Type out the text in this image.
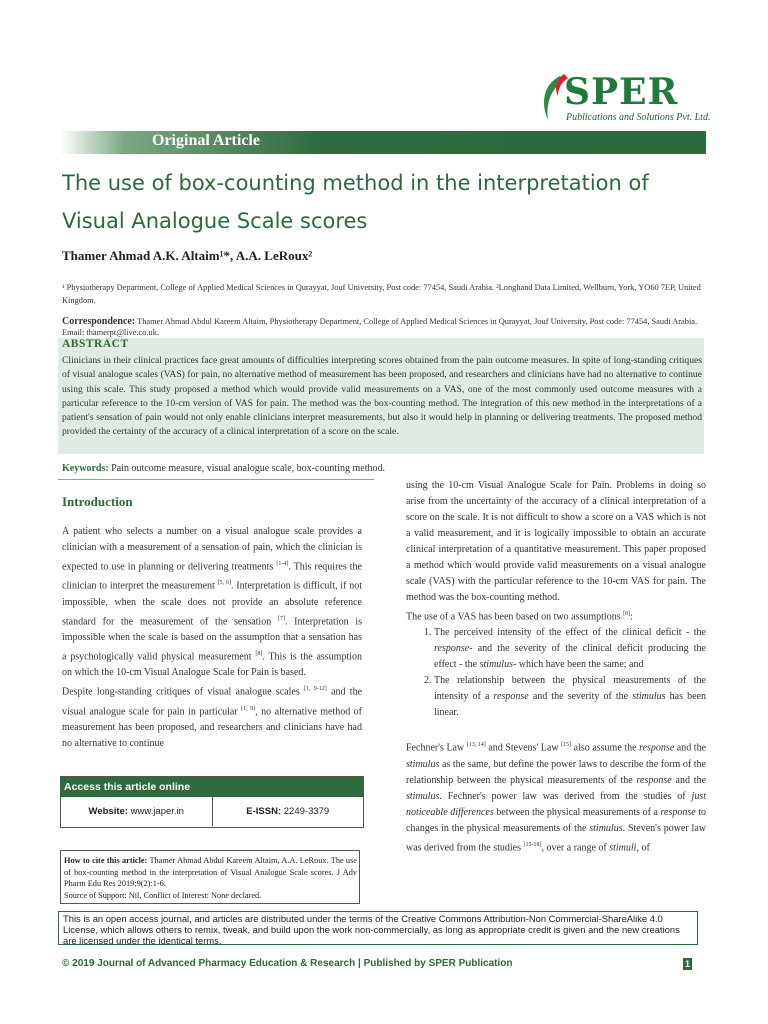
SPER
Publications and Solutions Pvt. Ltd.
Original Article
The use of box-counting method in the interpretation of Visual Analogue Scale scores
Thamer Ahmad A.K. Altaim¹*, A.A. LeRoux²
¹ Physiotherapy Department, College of Applied Medical Sciences in Qurayyat, Jouf University, Post code: 77454, Saudi Arabia. ²Longhand Data Limited, Wellburn, York, YO60 7EP, United Kingdom.
Correspondence: Thamer Ahmad Abdul Kareem Altaim, Physiotherapy Department, College of Applied Medical Sciences in Qurayyat, Jouf University, Post code: 77454, Saudi Arabia. Email: thamerpt@live.co.uk.
ABSTRACT
Clinicians in their clinical practices face great amounts of difficulties interpreting scores obtained from the pain outcome measures. In spite of long-standing critiques of visual analogue scales (VAS) for pain, no alternative method of measurement has been proposed, and researchers and clinicians have had no alternative to continue using this scale. This study proposed a method which would provide valid measurements on a VAS, one of the most commonly used outcome measures with a particular reference to the 10-cm version of VAS for pain. The method was the box-counting method. The integration of this new method in the interpretations of a patient's sensation of pain would not only enable clinicians interpret measurements, but also it would help in planning or delivering treatments. The proposed method provided the certainty of the accuracy of a clinical interpretation of a score on the scale.
Keywords: Pain outcome measure, visual analogue scale, box-counting method.
Introduction

A patient who selects a number on a visual analogue scale provides a clinician with a measurement of a sensation of pain, which the clinician is expected to use in planning or delivering treatments [1-4]. This requires the clinician to interpret the measurement [5, 6]. Interpretation is difficult, if not impossible, when the scale does not provide an absolute reference standard for the measurement of the sensation [7]. Interpretation is impossible when the scale is based on the assumption that a sensation has a psychologically valid physical measurement [8]. This is the assumption on which the 10-cm Visual Analogue Scale for Pain is based.

Despite long-standing critiques of visual analogue scales [1, 9-12] and the visual analogue scale for pain in particular [1, 9], no alternative method of measurement has been proposed, and researchers and clinicians have had no alternative to continue

using the 10-cm Visual Analogue Scale for Pain. Problems in doing so arise from the uncertainty of the accuracy of a clinical interpretation of a score on the scale. It is not difficult to show a score on a VAS which is not a valid measurement, and it is logically impossible to obtain an accurate clinical interpretation of a quantitative measurement. This paper proposed a method which would provide valid measurements on a visual analogue scale (VAS) with the particular reference to the 10-cm VAS for pain. The method was the box-counting method.

The use of a VAS has been based on two assumptions [8]:

1. The perceived intensity of the effect of the clinical deficit - the response- and the severity of the clinical deficit producing the effect - the stimulus- which have been the same; and
2. The relationship between the physical measurements of the intensity of a response and the severity of the stimulus has been linear.

Fechner's Law [13, 14] and Stevens' Law [15] also assume the response and the stimulus as the same, but define the power laws to describe the form of the relationship between the physical measurements of the response and the stimulus. Fechner's power law was derived from the studies of just noticeable differences between the physical measurements of a response to changes in the physical measurements of the stimulus. Steven's power law was derived from the studies [15-18], over a range of stimuli, of

Access this article online
Website: www.japer.in	E-ISSN: 2249-3379
How to cite this article: Thamer Ahmad Abdul Kareem Altaim, A.A. LeRoux. The use of box-counting method in the interpretation of Visual Analogue Scale scores. J Adv Pharm Edu Res 2019;9(2):1-6.
Source of Support: Nil, Conflict of Interest: None declared.
This is an open access journal, and articles are distributed under the terms of the Creative Commons Attribution-Non Commercial-ShareAlike 4.0 License, which allows others to remix, tweak, and build upon the work non-commercially, as long as appropriate credit is given and the new creations are licensed under the identical terms.
© 2019 Journal of Advanced Pharmacy Education & Research | Published by SPER Publication	1
